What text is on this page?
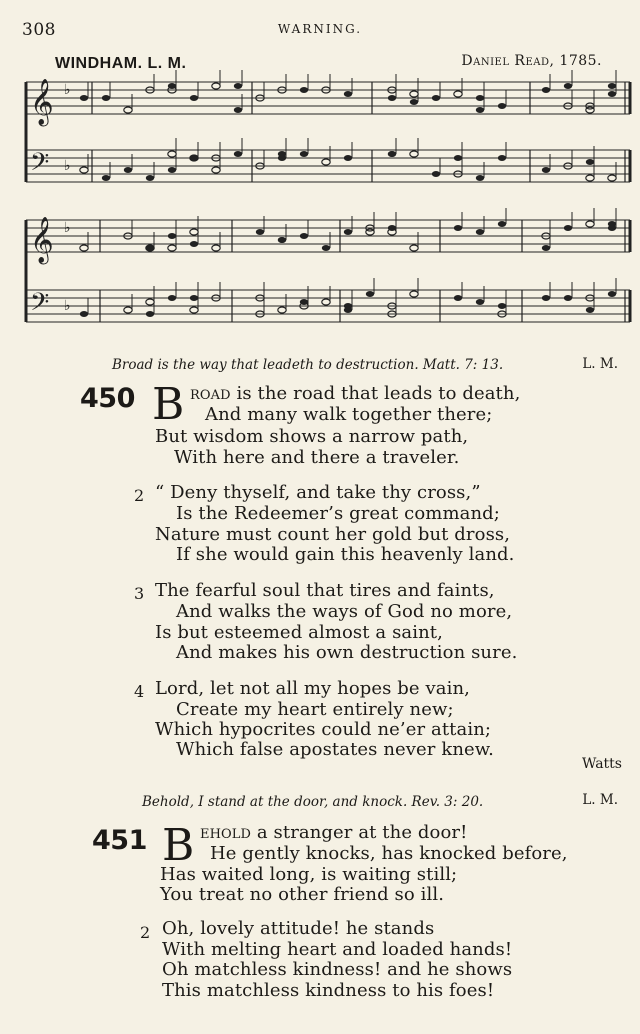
308	WARNING.
WINDHAM. L. M.	Daniel Read, 1785.
𝄞 ♭
𝄢 ♭
𝄞 ♭
𝄢 ♭
Broad is the way that leadeth to destruction. Matt. 7: 13.	L. M.
450 B road is the road that leads to death,
And many walk together there;
But wisdom shows a narrow path,
With here and there a traveler.
2 “ Deny thyself, and take thy cross,”
Is the Redeemer’s great command;
Nature must count her gold but dross,
If she would gain this heavenly land.
3 The fearful soul that tires and faints,
And walks the ways of God no more,
Is but esteemed almost a saint,
And makes his own destruction sure.
4 Lord, let not all my hopes be vain,
Create my heart entirely new;
Which hypocrites could ne’er attain;
Which false apostates never knew.
Watts
Behold, I stand at the door, and knock. Rev. 3: 20.	L. M.
451 B ehold a stranger at the door!
He gently knocks, has knocked before,
Has waited long, is waiting still;
You treat no other friend so ill.
2 Oh, lovely attitude! he stands
With melting heart and loaded hands!
Oh matchless kindness! and he shows
This matchless kindness to his foes!
